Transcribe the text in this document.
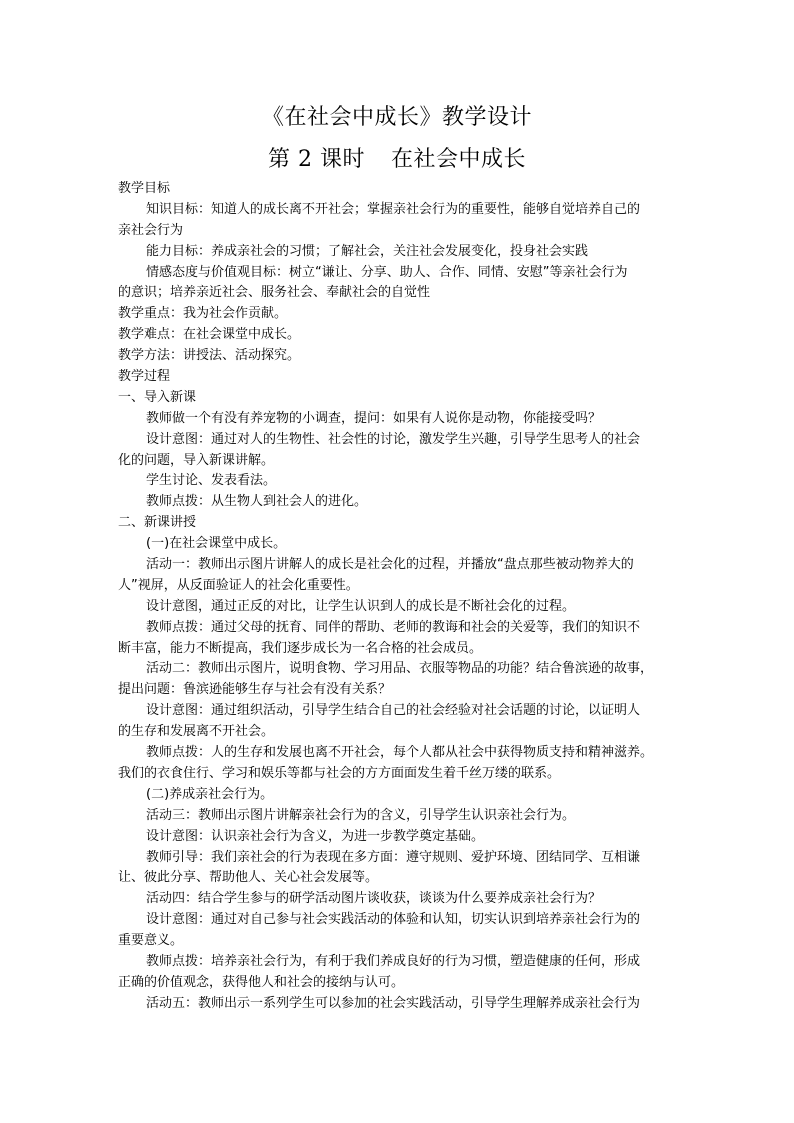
《在社会中成长》教学设计
第 2 课时 在社会中成长
教学目标
知识目标：知道人的成长离不开社会；掌握亲社会行为的重要性，能够自觉培养自己的
亲社会行为
能力目标：养成亲社会的习惯；了解社会，关注社会发展变化，投身社会实践
情感态度与价值观目标：树立“谦让、分享、助人、合作、同情、安慰”等亲社会行为
的意识；培养亲近社会、服务社会、奉献社会的自觉性
教学重点：我为社会作贡献。
教学难点：在社会课堂中成长。
教学方法：讲授法、活动探究。
教学过程
一、导入新课
教师做一个有没有养宠物的小调查，提问：如果有人说你是动物，你能接受吗？
设计意图：通过对人的生物性、社会性的讨论，激发学生兴趣，引导学生思考人的社会
化的问题，导入新课讲解。
学生讨论、发表看法。
教师点拨：从生物人到社会人的进化。
二、新课讲授
(一)在社会课堂中成长。
活动一：教师出示图片讲解人的成长是社会化的过程，并播放“盘点那些被动物养大的
人”视屏，从反面验证人的社会化重要性。
设计意图，通过正反的对比，让学生认识到人的成长是不断社会化的过程。
教师点拨：通过父母的抚育、同伴的帮助、老师的教诲和社会的关爱等，我们的知识不
断丰富，能力不断提高，我们逐步成长为一名合格的社会成员。
活动二：教师出示图片，说明食物、学习用品、衣服等物品的功能？结合鲁滨逊的故事，
提出问题：鲁滨逊能够生存与社会有没有关系？
设计意图：通过组织活动，引导学生结合自己的社会经验对社会话题的讨论，以证明人
的生存和发展离不开社会。
教师点拨：人的生存和发展也离不开社会，每个人都从社会中获得物质支持和精神滋养。
我们的衣食住行、学习和娱乐等都与社会的方方面面发生着千丝万缕的联系。
(二)养成亲社会行为。
活动三：教师出示图片讲解亲社会行为的含义，引导学生认识亲社会行为。
设计意图：认识亲社会行为含义，为进一步教学奠定基础。
教师引导：我们亲社会的行为表现在多方面：遵守规则、爱护环境、团结同学、互相谦
让、彼此分享、帮助他人、关心社会发展等。
活动四：结合学生参与的研学活动图片谈收获，谈谈为什么要养成亲社会行为？
设计意图：通过对自己参与社会实践活动的体验和认知，切实认识到培养亲社会行为的
重要意义。
教师点拨：培养亲社会行为，有利于我们养成良好的行为习惯，塑造健康的任何，形成
正确的价值观念，获得他人和社会的接纳与认可。
活动五：教师出示一系列学生可以参加的社会实践活动，引导学生理解养成亲社会行为
